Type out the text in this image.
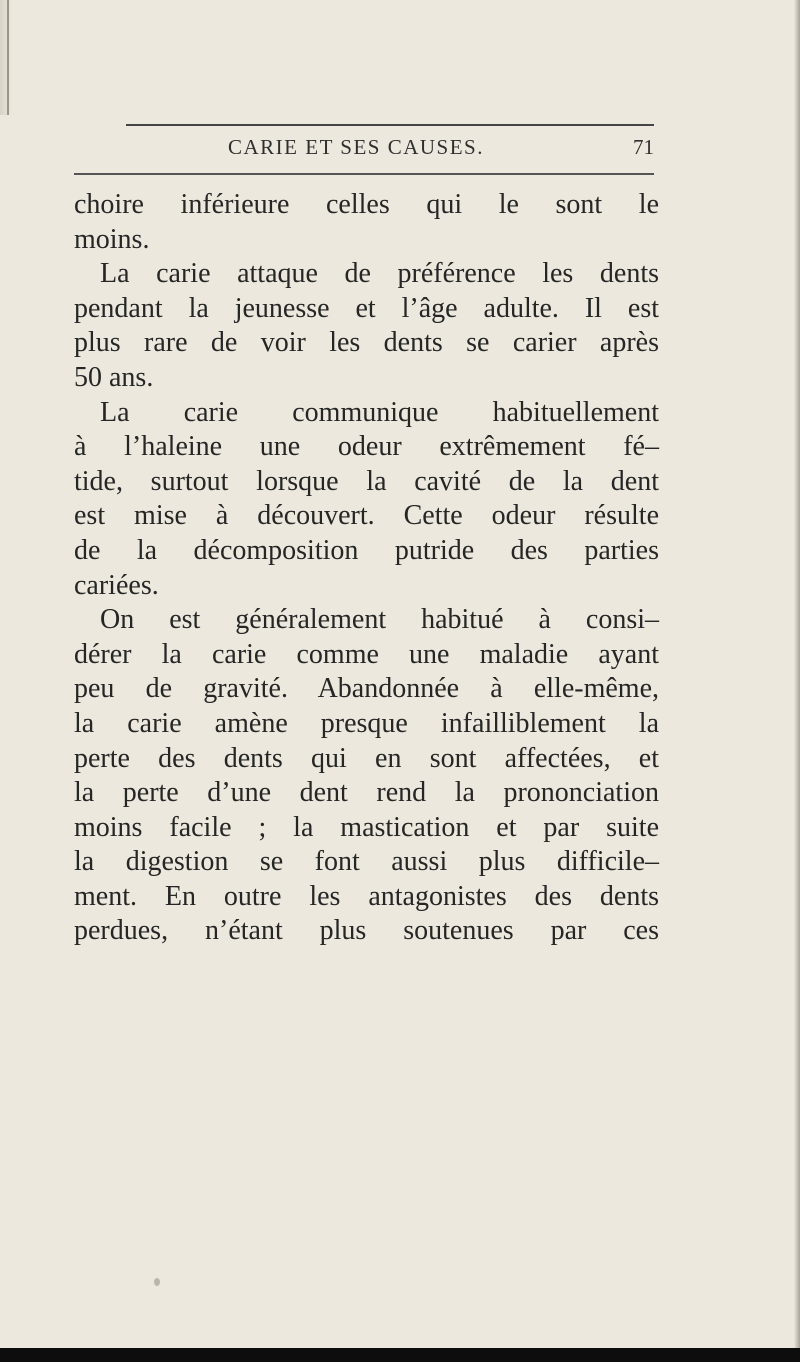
CARIE ET SES CAUSES.	71
choire inférieure celles qui le sont le
moins.
La carie attaque de préférence les dents
pendant la jeunesse et l’âge adulte. Il est
plus rare de voir les dents se carier après
50 ans.
La carie communique habituellement
à l’haleine une odeur extrêmement fé–
tide, surtout lorsque la cavité de la dent
est mise à découvert. Cette odeur résulte
de la décomposition putride des parties
cariées.
On est généralement habitué à consi–
dérer la carie comme une maladie ayant
peu de gravité. Abandonnée à elle-même,
la carie amène presque infailliblement la
perte des dents qui en sont affectées, et
la perte d’une dent rend la prononciation
moins facile ; la mastication et par suite
la digestion se font aussi plus difficile–
ment. En outre les antagonistes des dents
perdues, n’étant plus soutenues par ces
